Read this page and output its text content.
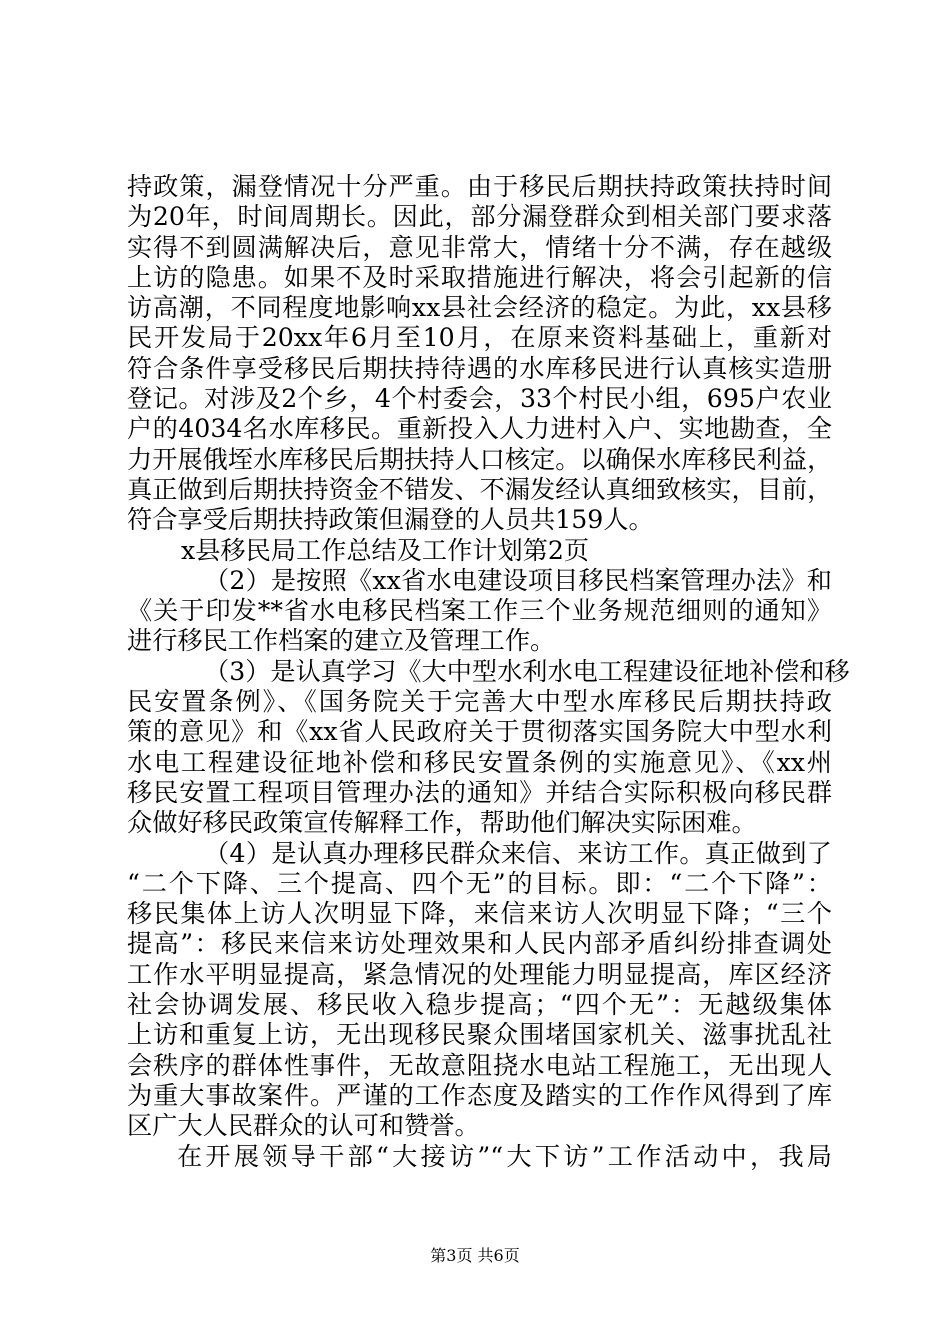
持政策，漏登情况十分严重。由于移民后期扶持政策扶持时间
为20年，时间周期长。因此，部分漏登群众到相关部门要求落
实得不到圆满解决后，意见非常大，情绪十分不满，存在越级
上访的隐患。如果不及时采取措施进行解决，将会引起新的信
访高潮，不同程度地影响xx县社会经济的稳定。为此，xx县移
民开发局于20xx年6月至10月，在原来资料基础上，重新对
符合条件享受移民后期扶持待遇的水库移民进行认真核实造册
登记。对涉及2个乡，4个村委会，33个村民小组，695户农业
户的4034名水库移民。重新投入人力进村入户、实地勘查，全
力开展俄垤水库移民后期扶持人口核定。以确保水库移民利益，
真正做到后期扶持资金不错发、不漏发经认真细致核实，目前，
符合享受后期扶持政策但漏登的人员共159人。
x县移民局工作总结及工作计划第2页
（2）是按照《xx省水电建设项目移民档案管理办法》和
《关于印发**省水电移民档案工作三个业务规范细则的通知》
进行移民工作档案的建立及管理工作。
（3）是认真学习《大中型水利水电工程建设征地补偿和移
民安置条例》、《国务院关于完善大中型水库移民后期扶持政
策的意见》和《xx省人民政府关于贯彻落实国务院大中型水利
水电工程建设征地补偿和移民安置条例的实施意见》、《xx州
移民安置工程项目管理办法的通知》并结合实际积极向移民群
众做好移民政策宣传解释工作，帮助他们解决实际困难。
（4）是认真办理移民群众来信、来访工作。真正做到了
“二个下降、三个提高、四个无”的目标。即：“二个下降”：
移民集体上访人次明显下降，来信来访人次明显下降；“三个
提高”：移民来信来访处理效果和人民内部矛盾纠纷排查调处
工作水平明显提高，紧急情况的处理能力明显提高，库区经济
社会协调发展、移民收入稳步提高；“四个无”：无越级集体
上访和重复上访，无出现移民聚众围堵国家机关、滋事扰乱社
会秩序的群体性事件，无故意阻挠水电站工程施工，无出现人
为重大事故案件。严谨的工作态度及踏实的工作作风得到了库
区广大人民群众的认可和赞誉。
在开展领导干部“大接访”“大下访”工作活动中，我局
第3页 共6页
